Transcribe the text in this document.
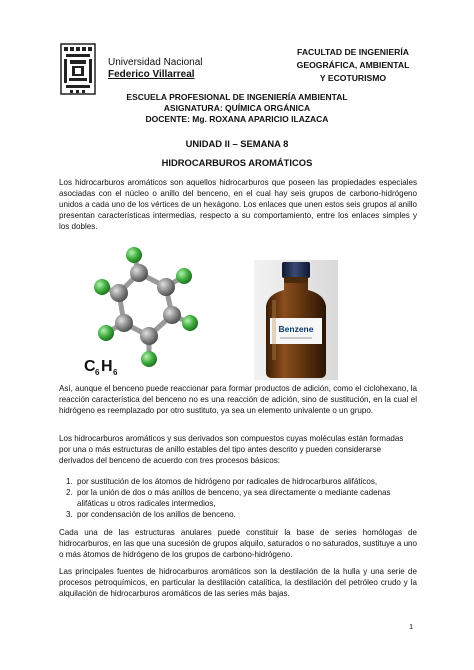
Universidad Nacional
Federico Villarreal
FACULTAD DE INGENIERÍA
GEOGRÁFICA, AMBIENTAL
Y ECOTURISMO
ESCUELA PROFESIONAL DE INGENIERÍA AMBIENTAL
ASIGNATURA: QUÍMICA ORGÁNICA
DOCENTE: Mg. ROXANA APARICIO ILAZACA
UNIDAD II – SEMANA 8
HIDROCARBUROS AROMÁTICOS
Los hidrocarburos aromáticos son aquellos hidrocarburos que poseen las propiedades especiales asociadas con el núcleo o anillo del benceno, en el cual hay seis grupos de carbono-hidrógeno unidos a cada uno de los vértices de un hexágono. Los enlaces que unen estos seis grupos al anillo presentan características intermedias, respecto a su comportamiento, entre los enlaces simples y los dobles.
C 6 H 6
Benzene
Así, aunque el benceno puede reaccionar para formar productos de adición, como el ciclohexano, la reacción característica del benceno no es una reacción de adición, sino de sustitución, en la cual el hidrógeno es reemplazado por otro sustituto, ya sea un elemento univalente o un grupo.
Los hidrocarburos aromáticos y sus derivados son compuestos cuyas moléculas están formadas por una o más estructuras de anillo estables del tipo antes descrito y pueden considerarse derivados del benceno de acuerdo con tres procesos básicos:
1. por sustitución de los átomos de hidrógeno por radicales de hidrocarburos alifáticos,
2. por la unión de dos o más anillos de benceno, ya sea directamente o mediante cadenas alifáticas u otros radicales intermedios,
3. por condensación de los anillos de benceno.
Cada una de las estructuras anulares puede constituir la base de series homólogas de hidrocarburos, en las que una sucesión de grupos alquilo, saturados o no saturados, sustituye a uno o más átomos de hidrógeno de los grupos de carbono-hidrógeno.
Las principales fuentes de hidrocarburos aromáticos son la destilación de la hulla y una serie de procesos petroquímicos, en particular la destilación catalítica, la destilación del petróleo crudo y la alquilación de hidrocarburos aromáticos de las series más bajas.
1
